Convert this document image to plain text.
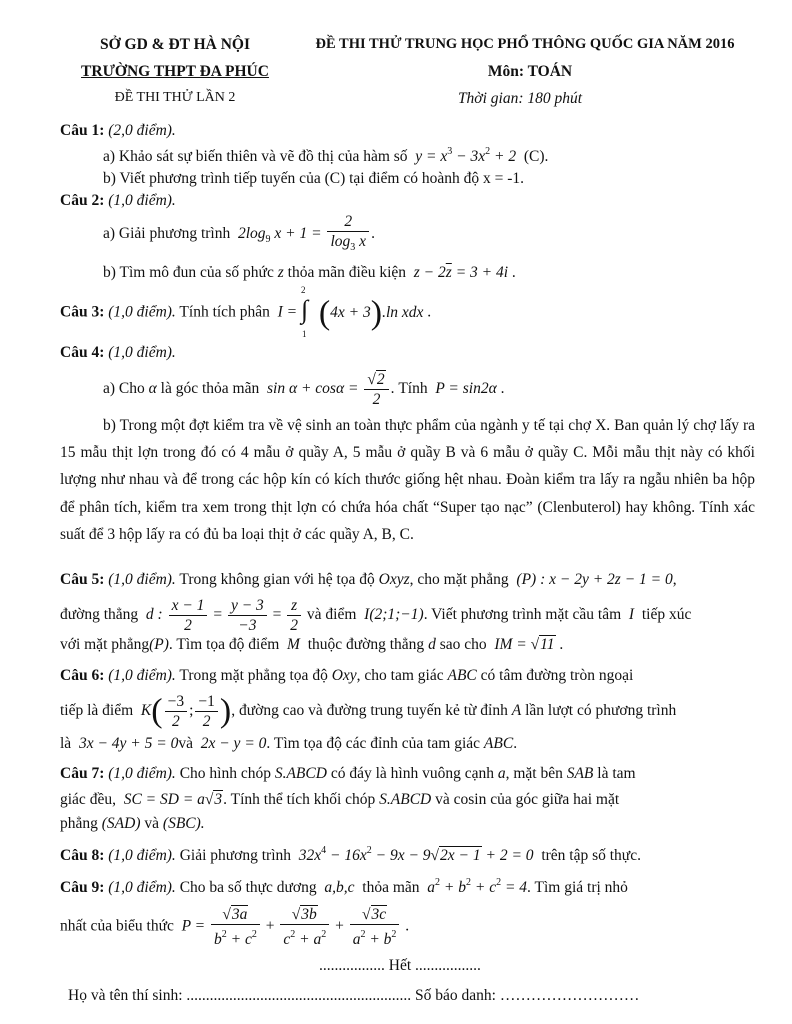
SỞ GD & ĐT HÀ NỘI
TRƯỜNG THPT ĐA PHÚC
ĐỀ THI THỬ LẦN 2
ĐỀ THI THỬ TRUNG HỌC PHỔ THÔNG QUỐC GIA NĂM 2016
Môn: TOÁN
Thời gian: 180 phút
Câu 1: (2,0 điểm).
a) Khảo sát sự biến thiên và vẽ đồ thị của hàm số  $y = x^3 - 3x^2 + 2$  (C).
b) Viết phương trình tiếp tuyến của (C) tại điểm có hoành độ x = -1.
Câu 2: (1,0 điểm).
a) Giải phương trình  $2\log_9$ $x + 1 = \frac{2}{\log_3 x}$ .
b) Tìm mô đun của số phức z thỏa mãn điều kiện  $z - 2\overline{z} = 3 + 4i$ .
Câu 3: (1,0 điểm). Tính tích phân  I =
2
∫
1
(4x + 3).ln xdx .
Câu 4: (1,0 điểm).
a) Cho α là góc thỏa mãn  $\sin \alpha + \cos\alpha = \frac{√2}{2}$ . Tính  P = sin2α .
b) Trong một đợt kiểm tra về vệ sinh an toàn thực phẩm của ngành y tế tại chợ X. Ban quản lý chợ lấy ra 15 mẫu thịt lợn trong đó có 4 mẫu ở quầy A, 5 mẫu ở quầy B và 6 mẫu ở quầy C. Mỗi mẫu thịt này có khối lượng như nhau và để trong các hộp kín có kích thước giống hệt nhau. Đoàn kiểm tra lấy ra ngẫu nhiên ba hộp để phân tích, kiểm tra xem trong thịt lợn có chứa hóa chất “Super tạo nạc” (Clenbuterol) hay không. Tính xác suất để 3 hộp lấy ra có đủ ba loại thịt ở các quầy A, B, C.
Câu 5: (1,0 điểm). Trong không gian với hệ tọa độ Oxyz, cho mặt phẳng  (P) : x − 2y + 2z − 1 = 0,
đường thẳng  d : $\frac{x - 1}{2} = \frac{y - 3}{-3} = \frac{z}{2}$ và điểm  I(2;1;−1). Viết phương trình mặt cầu tâm  I  tiếp xúc
với mặt phẳng(P). Tìm tọa độ điểm  M  thuộc đường thẳng d sao cho  IM = √11 .
Câu 6: (1,0 điểm). Trong mặt phẳng tọa độ Oxy, cho tam giác ABC có tâm đường tròn ngoại
tiếp là điểm  $K( \frac{-3}{2}$ ; $\frac{-1}{2}$ ), đường cao và đường trung tuyến kẻ từ đỉnh A lần lượt có phương trình
là  3x − 4y + 5 = 0và  2x − y = 0. Tìm tọa độ các đỉnh của tam giác ABC.
Câu 7: (1,0 điểm). Cho hình chóp S.ABCD có đáy là hình vuông cạnh a, mặt bên SAB là tam
giác đều,  SC = SD = a√3. Tính thể tích khối chóp S.ABCD và cosin của góc giữa hai mặt
phẳng (SAD) và (SBC).
Câu 8: (1,0 điểm). Giải phương trình  $32x^4 - 16x^2 - 9x - 9√2x - 1 + 2 = 0$  trên tập số thực.
Câu 9: (1,0 điểm). Cho ba số thực dương  a,b,c  thỏa mãn  $a^2 + b^2 + c^2 = 4$. Tìm giá trị nhỏ
nhất của biểu thức  $P = \frac{√3a}{b^2 + c^2} + \frac{√3b}{c^2 + a^2} + \frac{√3c}{a^2 + b^2}$ .
................. Hết .................
Họ và tên thí sinh: .......................................................... Số báo danh: ………………………
